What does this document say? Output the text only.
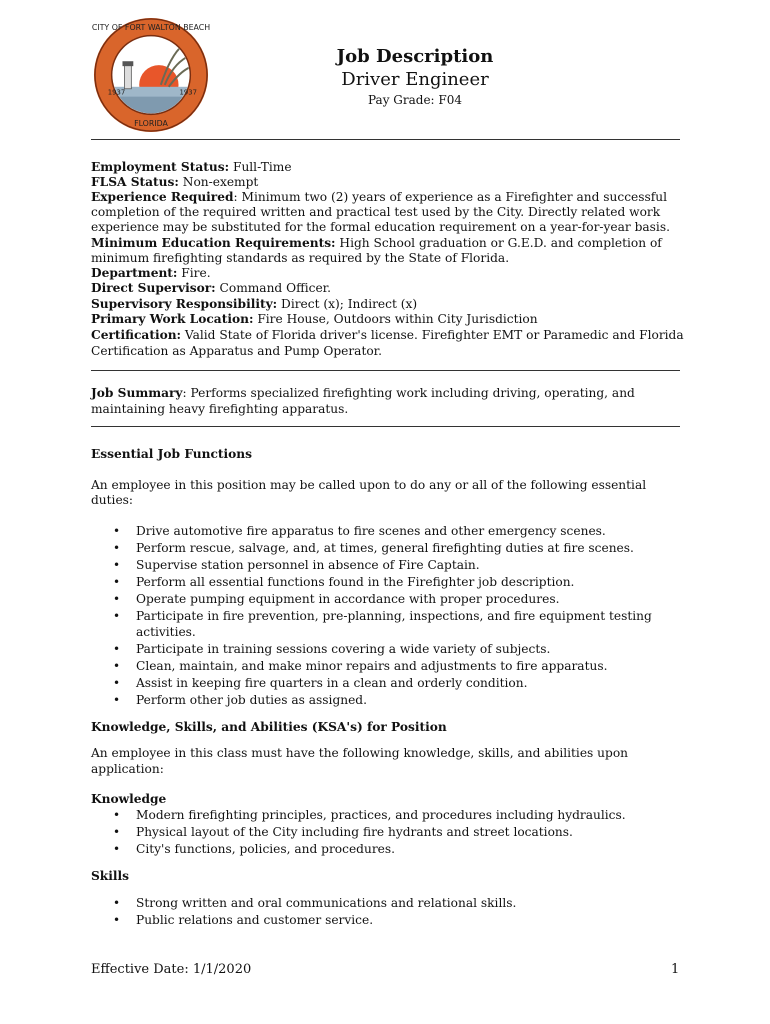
CITY OF FORT WALTON BEACH
FLORIDA
1937	1937
Job Description
Driver Engineer
Pay Grade: F04
Employment Status: Full-Time
FLSA Status: Non-exempt
Experience Required: Minimum two (2) years of experience as a Firefighter and successful
completion of the required written and practical test used by the City. Directly related work
experience may be substituted for the formal education requirement on a year-for-year basis.
Minimum Education Requirements: High School graduation or G.E.D. and completion of
minimum firefighting standards as required by the State of Florida.
Department: Fire.
Direct Supervisor: Command Officer.
Supervisory Responsibility: Direct (x); Indirect (x)
Primary Work Location: Fire House, Outdoors within City Jurisdiction
Certification: Valid State of Florida driver's license. Firefighter EMT or Paramedic and Florida
Certification as Apparatus and Pump Operator.
Job Summary: Performs specialized firefighting work including driving, operating, and
maintaining heavy firefighting apparatus.
Essential Job Functions
An employee in this position may be called upon to do any or all of the following essential
duties:
• Drive automotive fire apparatus to fire scenes and other emergency scenes.
• Perform rescue, salvage, and, at times, general firefighting duties at fire scenes.
• Supervise station personnel in absence of Fire Captain.
• Perform all essential functions found in the Firefighter job description.
• Operate pumping equipment in accordance with proper procedures.
• Participate in fire prevention, pre-planning, inspections, and fire equipment testing
activities.
• Participate in training sessions covering a wide variety of subjects.
• Clean, maintain, and make minor repairs and adjustments to fire apparatus.
• Assist in keeping fire quarters in a clean and orderly condition.
• Perform other job duties as assigned.
Knowledge, Skills, and Abilities (KSA's) for Position
An employee in this class must have the following knowledge, skills, and abilities upon
application:
Knowledge
• Modern firefighting principles, practices, and procedures including hydraulics.
• Physical layout of the City including fire hydrants and street locations.
• City's functions, policies, and procedures.
Skills
• Strong written and oral communications and relational skills.
• Public relations and customer service.
Effective Date: 1/1/2020	1
